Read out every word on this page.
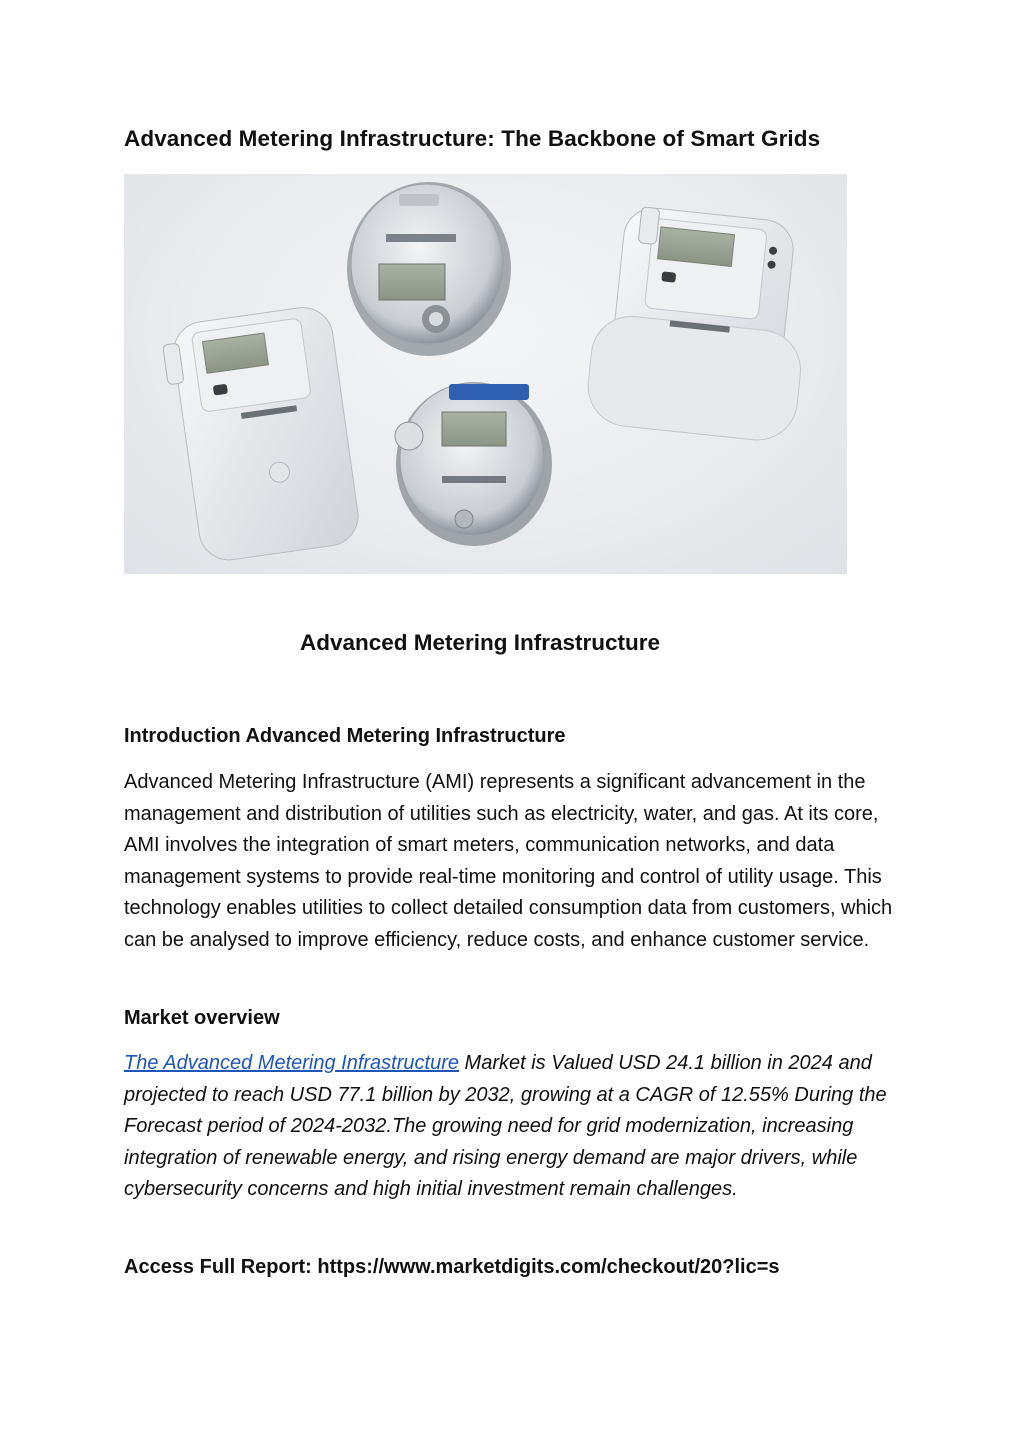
Advanced Metering Infrastructure: The Backbone of Smart Grids
Advanced Metering Infrastructure
Introduction Advanced Metering Infrastructure

Advanced Metering Infrastructure (AMI) represents a significant advancement in the management and distribution of utilities such as electricity, water, and gas. At its core, AMI involves the integration of smart meters, communication networks, and data management systems to provide real-time monitoring and control of utility usage. This technology enables utilities to collect detailed consumption data from customers, which can be analysed to improve efficiency, reduce costs, and enhance customer service.

Market overview

The Advanced Metering Infrastructure Market is Valued USD 24.1 billion in 2024 and projected to reach USD 77.1 billion by 2032, growing at a CAGR of 12.55% During the Forecast period of 2024-2032.The growing need for grid modernization, increasing integration of renewable energy, and rising energy demand are major drivers, while cybersecurity concerns and high initial investment remain challenges.

Access Full Report: https://www.marketdigits.com/checkout/20?lic=s
